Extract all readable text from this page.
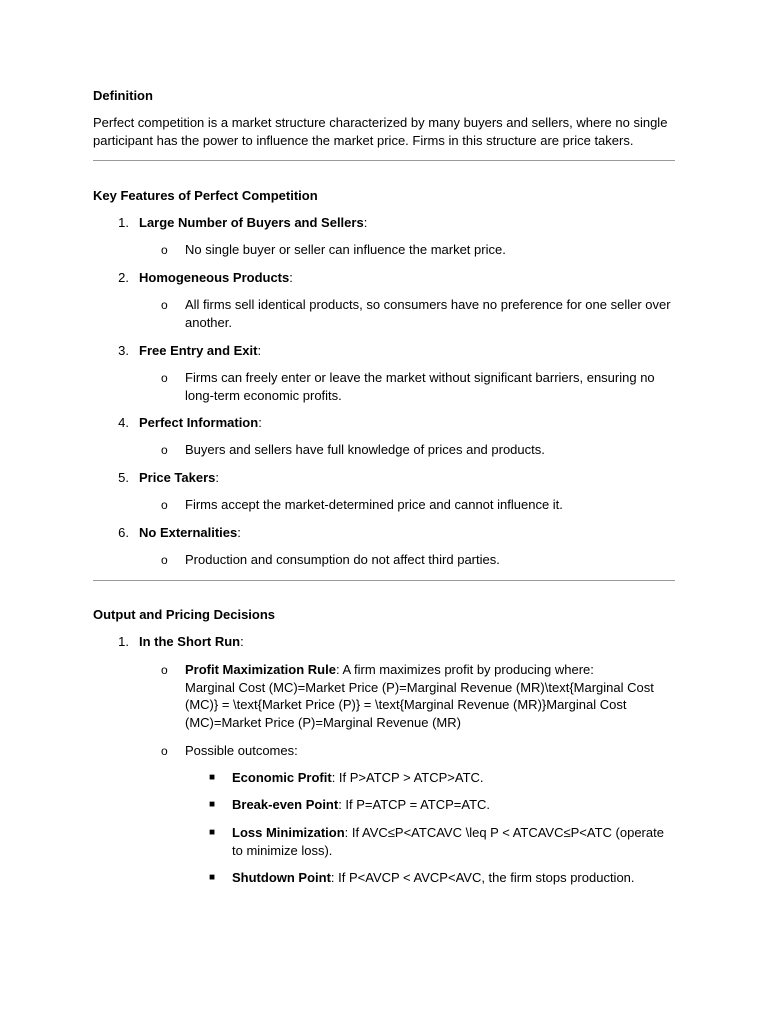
Definition
Perfect competition is a market structure characterized by many buyers and sellers, where no single participant has the power to influence the market price. Firms in this structure are price takers.
Key Features of Perfect Competition
1. Large Number of Buyers and Sellers:
o No single buyer or seller can influence the market price.
2. Homogeneous Products:
o All firms sell identical products, so consumers have no preference for one seller over another.
3. Free Entry and Exit:
o Firms can freely enter or leave the market without significant barriers, ensuring no long-term economic profits.
4. Perfect Information:
o Buyers and sellers have full knowledge of prices and products.
5. Price Takers:
o Firms accept the market-determined price and cannot influence it.
6. No Externalities:
o Production and consumption do not affect third parties.
Output and Pricing Decisions
1. In the Short Run:
o Profit Maximization Rule: A firm maximizes profit by producing where:
Marginal Cost (MC)=Market Price (P)=Marginal Revenue (MR)\text{Marginal Cost (MC)} = \text{Market Price (P)} = \text{Marginal Revenue (MR)}Marginal Cost (MC)=Market Price (P)=Marginal Revenue (MR)
o Possible outcomes:
■ Economic Profit: If P>ATCP > ATCP>ATC.
■ Break-even Point: If P=ATCP = ATCP=ATC.
■ Loss Minimization: If AVC≤P<ATCAVC \leq P < ATCAVC≤P<ATC (operate to minimize loss).
■ Shutdown Point: If P<AVCP < AVCP<AVC, the firm stops production.
